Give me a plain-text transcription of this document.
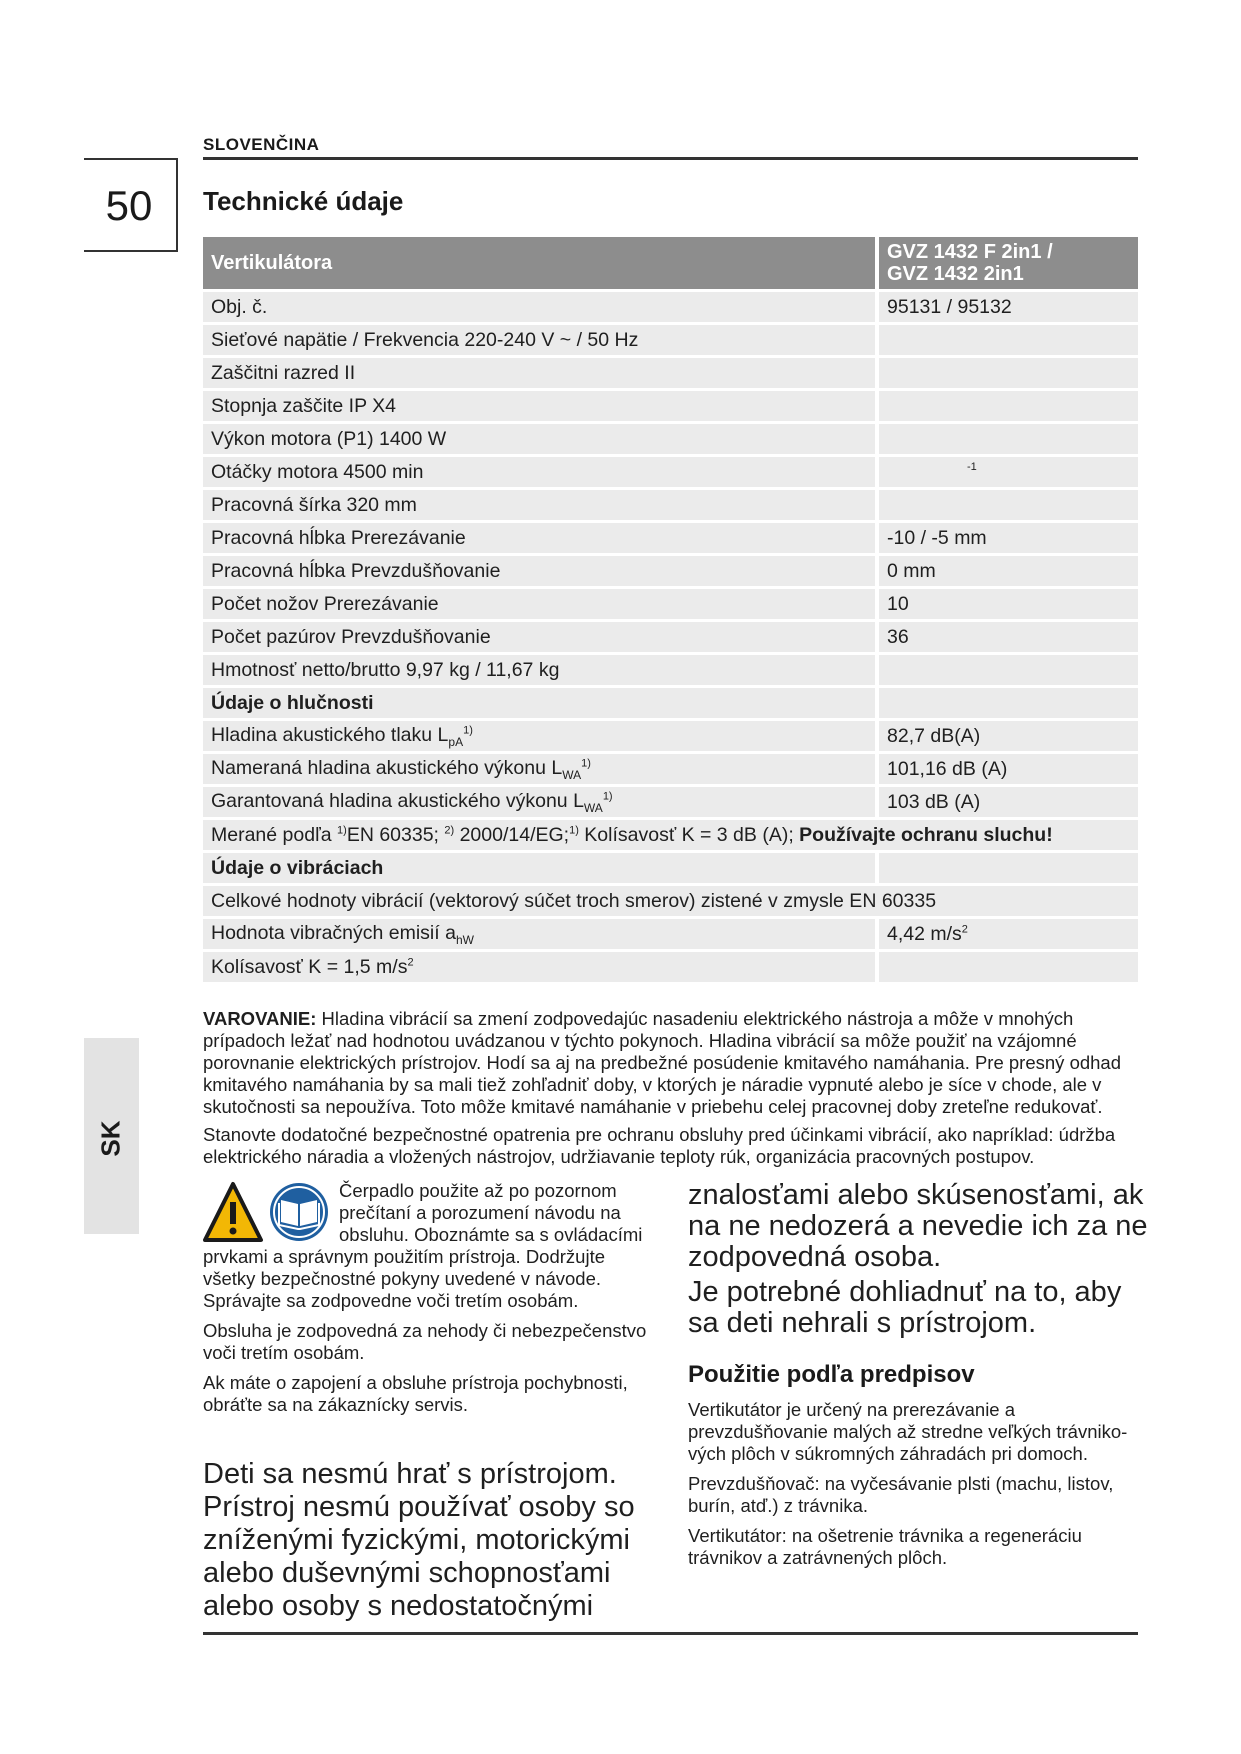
SLOVENČINA
50	Technické údaje
Vertikulátora	GVZ 1432 F 2in1 /
GVZ 1432 2in1
Obj. č.	95131 / 95132
Sieťové napätie / Frekvencia 220-240 V ~ / 50 Hz	
Zaščitni razred II	
Stopnja zaščite IP X4	
Výkon motora (P1) 1400 W	
Otáčky motora 4500 min	$^{-1}$
Pracovná šírka 320 mm	
Pracovná hĺbka Prerezávanie	-10 / -5 mm
Pracovná hĺbka Prevzdušňovanie	0 mm
Počet nožov Prerezávanie	10
Počet pazúrov Prevzdušňovanie	36
Hmotnosť netto/brutto 9,97 kg / 11,67 kg	
Údaje o hlučnosti	
Hladina akustického tlaku $L_{pA}^{1)}$	82,7 dB(A)
Nameraná hladina akustického výkonu $L_{WA}^{1)}$	101,16 dB (A)
Garantovaná hladina akustického výkonu $L_{WA}^{1)}$	103 dB (A)
Merané podľa $^{1)}$EN 60335; $^{2)}$ 2000/14/EG;$^{1)}$ Kolísavosť K = 3 dB (A); Používajte ochranu sluchu!	
Údaje o vibráciach	
Celkové hodnoty vibrácií (vektorový súčet troch smerov) zistené v zmysle EN 60335	
Hodnota vibračných emisií $a_{hW}$	4,42 $m/s^2$
Kolísavosť K = 1,5 $m/s^2$	

VAROVANIE: Hladina vibrácií sa zmení zodpovedajúc nasadeniu elektrického nástroja a môže v mnohých prípadoch ležať nad hodnotou uvádzanou v týchto pokynoch. Hladina vibrácií sa môže použiť na vzájomné porovnanie elektrických prístrojov. Hodí sa aj na predbežné posúdenie kmitavého namáhania. Pre presný odhad kmitavého namáhania by sa mali tiež zohľadniť doby, v ktorých je náradie vypnuté alebo je síce v chode, ale v skutočnosti sa nepoužíva. Toto môže kmitavé namáhanie v priebehu celej pracovnej doby zreteľne redukovať.

Stanovte dodatočné bezpečnostné opatrenia pre ochranu obsluhy pred účinkami vibrácií, ako napríklad: údržba elektrického náradia a vložených nástrojov, udržiavanie teploty rúk, organizácia pracovných postupov.

SK

Čerpadlo použite až po pozornom prečítaní a porozumení návodu na obsluhu. Oboznámte sa s ovládacími prvkami a správnym použitím prístroja. Dodržujte všetky bezpečnostné pokyny uvedené v návode. Správajte sa zodpovedne voči tretím osobám.

Obsluha je zodpovedná za nehody či nebezpečenstvo voči tretím osobám.

Ak máte o zapojení a obsluhe prístroja pochybnosti, obráťte sa na zákaznícky servis.

Deti sa nesmú hrať s prístrojom.

Prístroj nesmú používať osoby so zníženými fyzickými, motorickými alebo duševnými schopnosťami alebo osoby s nedostatočnými

znalosťami alebo skúsenosťami, ak na ne nedozerá a nevedie ich za ne zodpovedná osoba.

Je potrebné dohliadnuť na to, aby sa deti nehrali s prístrojom.

Použitie podľa predpisov

Vertikutátor je určený na prerezávanie a prevzdušňovanie malých až stredne veľkých trávniko-vých plôch v súkromných záhradách pri domoch.

Prevzdušňovač: na vyčesávanie plsti (machu, listov, burín, atď.) z trávnika.

Vertikutátor: na ošetrenie trávnika a regeneráciu trávnikov a zatrávnených plôch.
